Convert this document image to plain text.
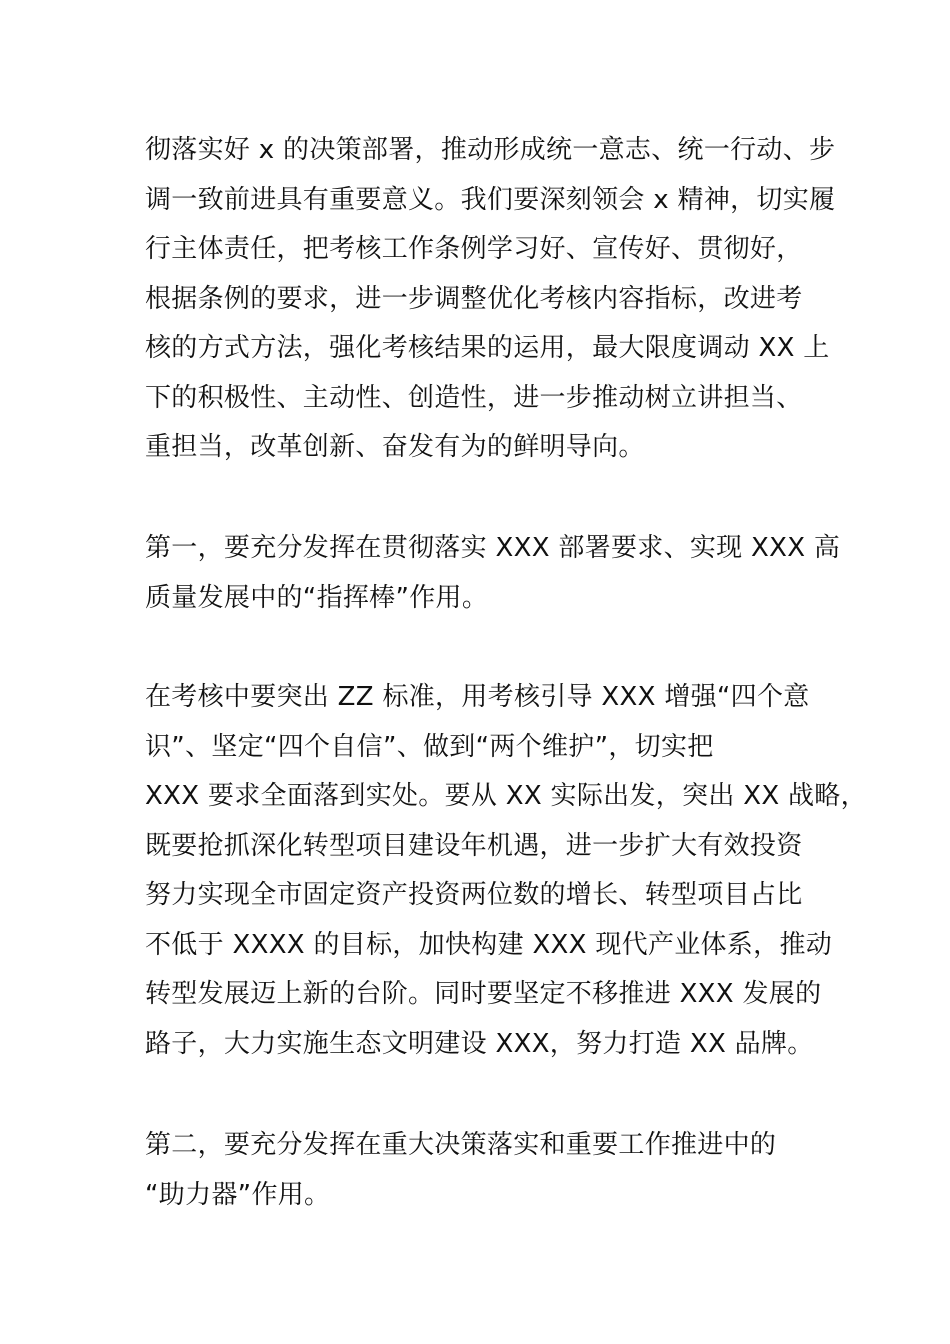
彻落实好 x 的决策部署，推动形成统一意志、统一行动、步
调一致前进具有重要意义。我们要深刻领会 x 精神，切实履
行主体责任，把考核工作条例学习好、宣传好、贯彻好，
根据条例的要求，进一步调整优化考核内容指标，改进考
核的方式方法，强化考核结果的运用，最大限度调动 XX 上
下的积极性、主动性、创造性，进一步推动树立讲担当、
重担当，改革创新、奋发有为的鲜明导向。
第一，要充分发挥在贯彻落实 XXX 部署要求、实现 XXX 高
质量发展中的“指挥棒”作用。
在考核中要突出 ZZ 标准，用考核引导 XXX 增强“四个意
识”、坚定“四个自信”、做到“两个维护”，切实把
XXX 要求全面落到实处。要从 XX 实际出发，突出 XX 战略，
既要抢抓深化转型项目建设年机遇，进一步扩大有效投资
努力实现全市固定资产投资两位数的增长、转型项目占比
不低于 XXXX 的目标，加快构建 XXX 现代产业体系，推动
转型发展迈上新的台阶。同时要坚定不移推进 XXX 发展的
路子，大力实施生态文明建设 XXX，努力打造 XX 品牌。
第二，要充分发挥在重大决策落实和重要工作推进中的
“助力器”作用。
